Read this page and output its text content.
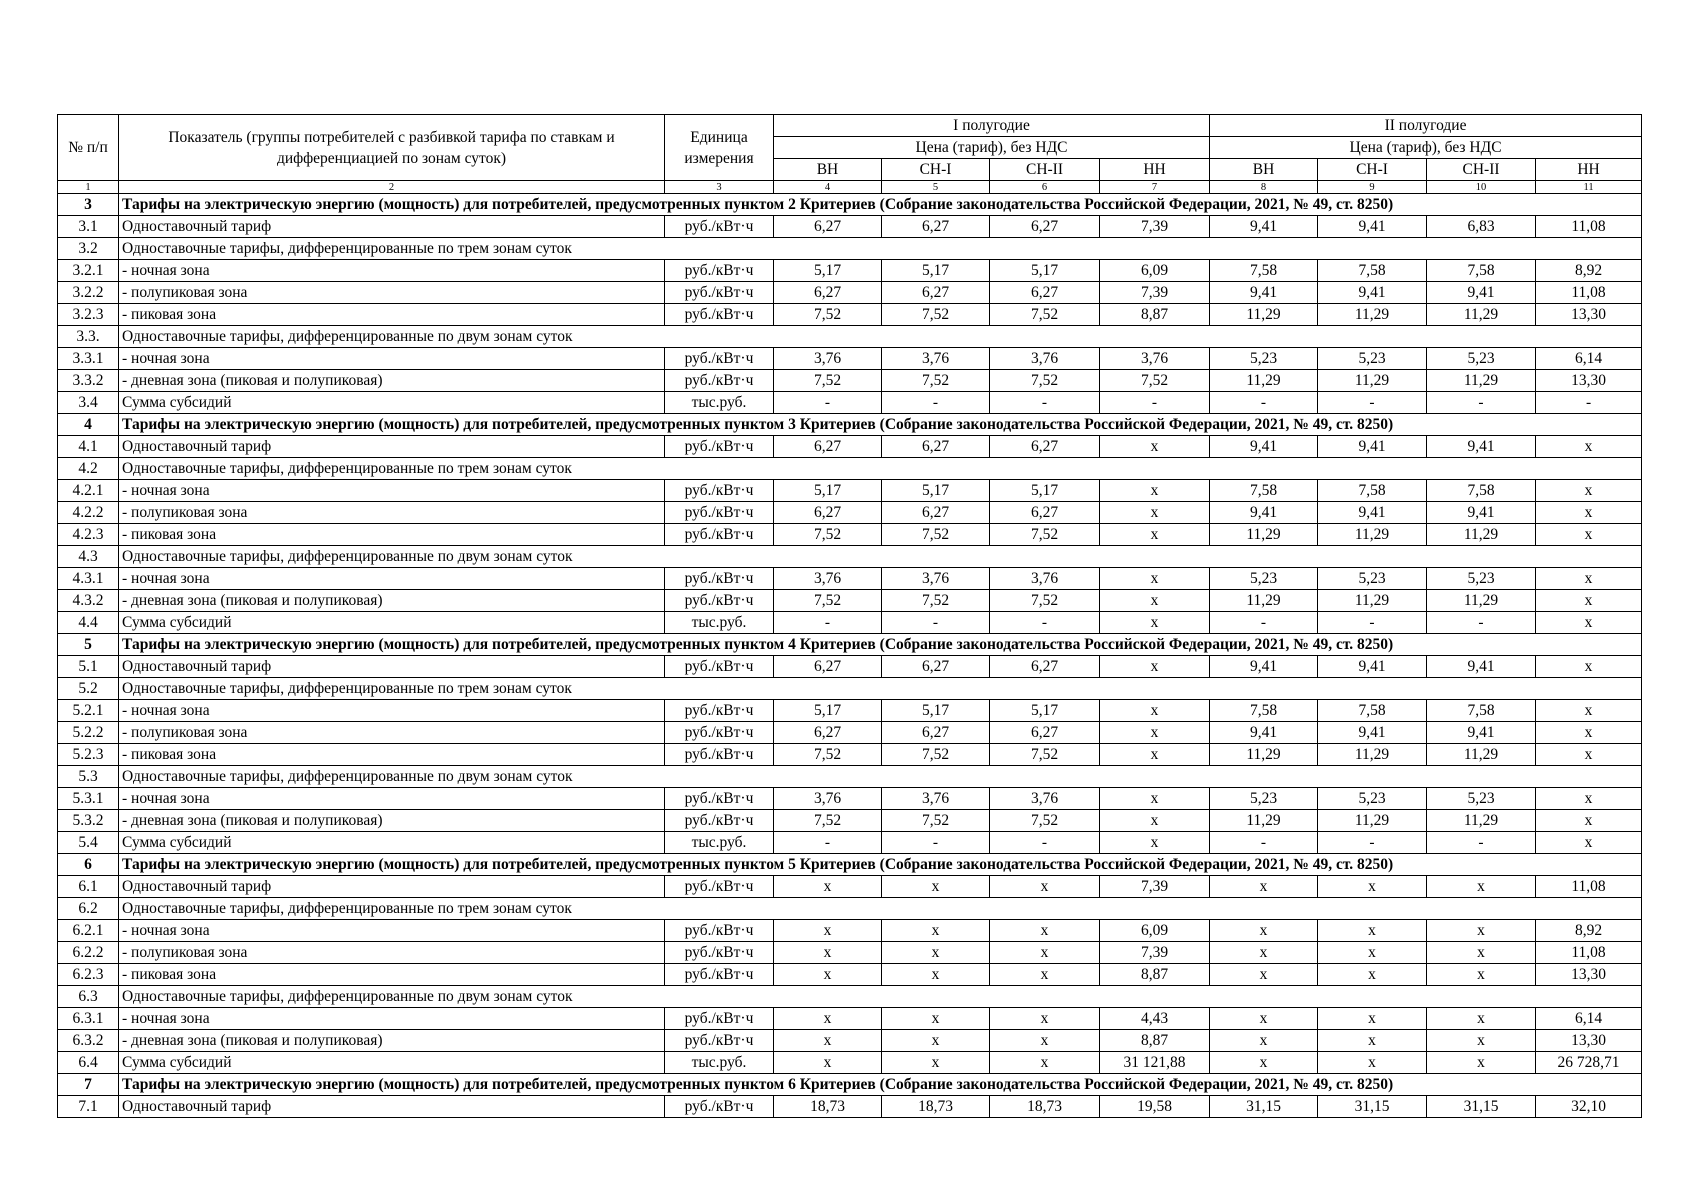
№ п/п	Показатель (группы потребителей с разбивкой тарифа по ставкам и дифференциацией по зонам суток)	Единица измерения	I полугодие				II полугодие			
			Цена (тариф), без НДС				Цена (тариф), без НДС			
			ВН	СН-I	СН-II	НН	ВН	СН-I	СН-II	НН
1	2	3	4	5	6	7	8	9	10	11
3	Тарифы на электрическую энергию (мощность) для потребителей, предусмотренных пунктом 2 Критериев (Собрание законодательства Российской Федерации, 2021, № 49, ст. 8250)									
3.1	Одноставочный тариф	руб./кВт·ч	6,27	6,27	6,27	7,39	9,41	9,41	6,83	11,08
3.2	Одноставочные тарифы, дифференцированные по трем зонам суток									
3.2.1	- ночная зона	руб./кВт·ч	5,17	5,17	5,17	6,09	7,58	7,58	7,58	8,92
3.2.2	- полупиковая зона	руб./кВт·ч	6,27	6,27	6,27	7,39	9,41	9,41	9,41	11,08
3.2.3	- пиковая зона	руб./кВт·ч	7,52	7,52	7,52	8,87	11,29	11,29	11,29	13,30
3.3.	Одноставочные тарифы, дифференцированные по двум зонам суток									
3.3.1	- ночная зона	руб./кВт·ч	3,76	3,76	3,76	3,76	5,23	5,23	5,23	6,14
3.3.2	- дневная зона (пиковая и полупиковая)	руб./кВт·ч	7,52	7,52	7,52	7,52	11,29	11,29	11,29	13,30
3.4	Сумма субсидий	тыс.руб.	-	-	-	-	-	-	-	-
4	Тарифы на электрическую энергию (мощность) для потребителей, предусмотренных пунктом 3 Критериев (Собрание законодательства Российской Федерации, 2021, № 49, ст. 8250)									
4.1	Одноставочный тариф	руб./кВт·ч	6,27	6,27	6,27	х	9,41	9,41	9,41	х
4.2	Одноставочные тарифы, дифференцированные по трем зонам суток									
4.2.1	- ночная зона	руб./кВт·ч	5,17	5,17	5,17	х	7,58	7,58	7,58	х
4.2.2	- полупиковая зона	руб./кВт·ч	6,27	6,27	6,27	х	9,41	9,41	9,41	х
4.2.3	- пиковая зона	руб./кВт·ч	7,52	7,52	7,52	х	11,29	11,29	11,29	х
4.3	Одноставочные тарифы, дифференцированные по двум зонам суток									
4.3.1	- ночная зона	руб./кВт·ч	3,76	3,76	3,76	х	5,23	5,23	5,23	х
4.3.2	- дневная зона (пиковая и полупиковая)	руб./кВт·ч	7,52	7,52	7,52	х	11,29	11,29	11,29	х
4.4	Сумма субсидий	тыс.руб.	-	-	-	х	-	-	-	х
5	Тарифы на электрическую энергию (мощность) для потребителей, предусмотренных пунктом 4 Критериев (Собрание законодательства Российской Федерации, 2021, № 49, ст. 8250)									
5.1	Одноставочный тариф	руб./кВт·ч	6,27	6,27	6,27	х	9,41	9,41	9,41	х
5.2	Одноставочные тарифы, дифференцированные по трем зонам суток									
5.2.1	- ночная зона	руб./кВт·ч	5,17	5,17	5,17	х	7,58	7,58	7,58	х
5.2.2	- полупиковая зона	руб./кВт·ч	6,27	6,27	6,27	х	9,41	9,41	9,41	х
5.2.3	- пиковая зона	руб./кВт·ч	7,52	7,52	7,52	х	11,29	11,29	11,29	х
5.3	Одноставочные тарифы, дифференцированные по двум зонам суток									
5.3.1	- ночная зона	руб./кВт·ч	3,76	3,76	3,76	х	5,23	5,23	5,23	х
5.3.2	- дневная зона (пиковая и полупиковая)	руб./кВт·ч	7,52	7,52	7,52	х	11,29	11,29	11,29	х
5.4	Сумма субсидий	тыс.руб.	-	-	-	х	-	-	-	х
6	Тарифы на электрическую энергию (мощность) для потребителей, предусмотренных пунктом 5 Критериев (Собрание законодательства Российской Федерации, 2021, № 49, ст. 8250)									
6.1	Одноставочный тариф	руб./кВт·ч	х	х	х	7,39	х	х	х	11,08
6.2	Одноставочные тарифы, дифференцированные по трем зонам суток									
6.2.1	- ночная зона	руб./кВт·ч	х	х	х	6,09	х	х	х	8,92
6.2.2	- полупиковая зона	руб./кВт·ч	х	х	х	7,39	х	х	х	11,08
6.2.3	- пиковая зона	руб./кВт·ч	х	х	х	8,87	х	х	х	13,30
6.3	Одноставочные тарифы, дифференцированные по двум зонам суток									
6.3.1	- ночная зона	руб./кВт·ч	х	х	х	4,43	х	х	х	6,14
6.3.2	- дневная зона (пиковая и полупиковая)	руб./кВт·ч	х	х	х	8,87	х	х	х	13,30
6.4	Сумма субсидий	тыс.руб.	х	х	х	31 121,88	х	х	х	26 728,71
7	Тарифы на электрическую энергию (мощность) для потребителей, предусмотренных пунктом 6 Критериев (Собрание законодательства Российской Федерации, 2021, № 49, ст. 8250)									
7.1	Одноставочный тариф	руб./кВт·ч	18,73	18,73	18,73	19,58	31,15	31,15	31,15	32,10
